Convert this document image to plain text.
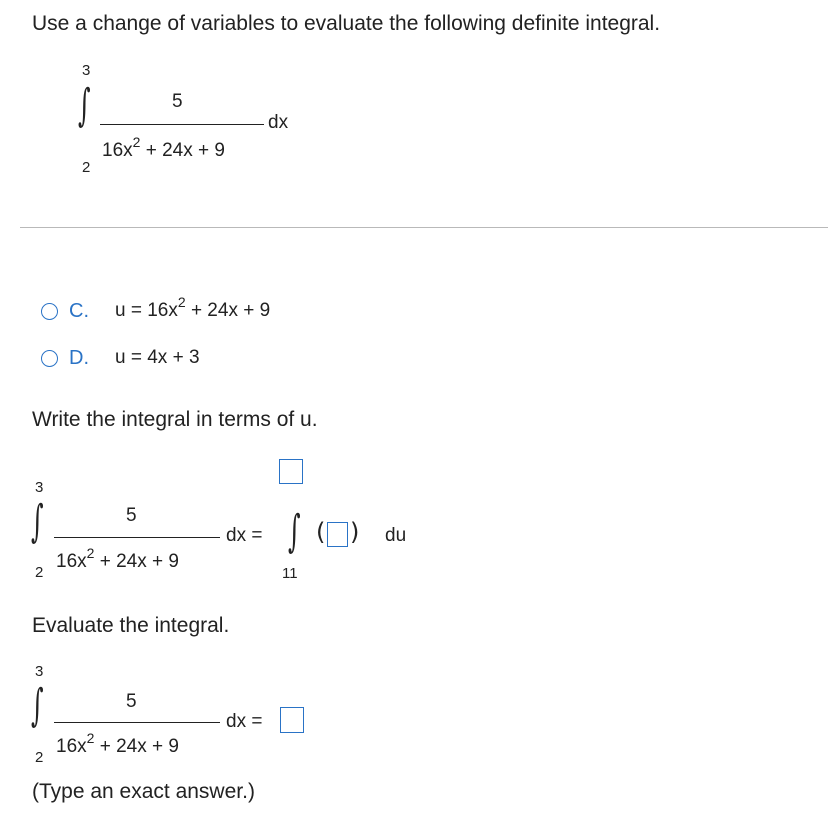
Use a change of variables to evaluate the following definite integral.
3
∫
2
5
$16x^2 + 24x + 9$
dx
C. $u = 16x^2 + 24x + 9$
D. u = 4x + 3
Write the integral in terms of u.
3
∫
2
5
$16x^2 + 24x + 9$
dx = ∫
11
( ) du
Evaluate the integral.
3
∫
2
5
$16x^2 + 24x + 9$
dx =
(Type an exact answer.)
